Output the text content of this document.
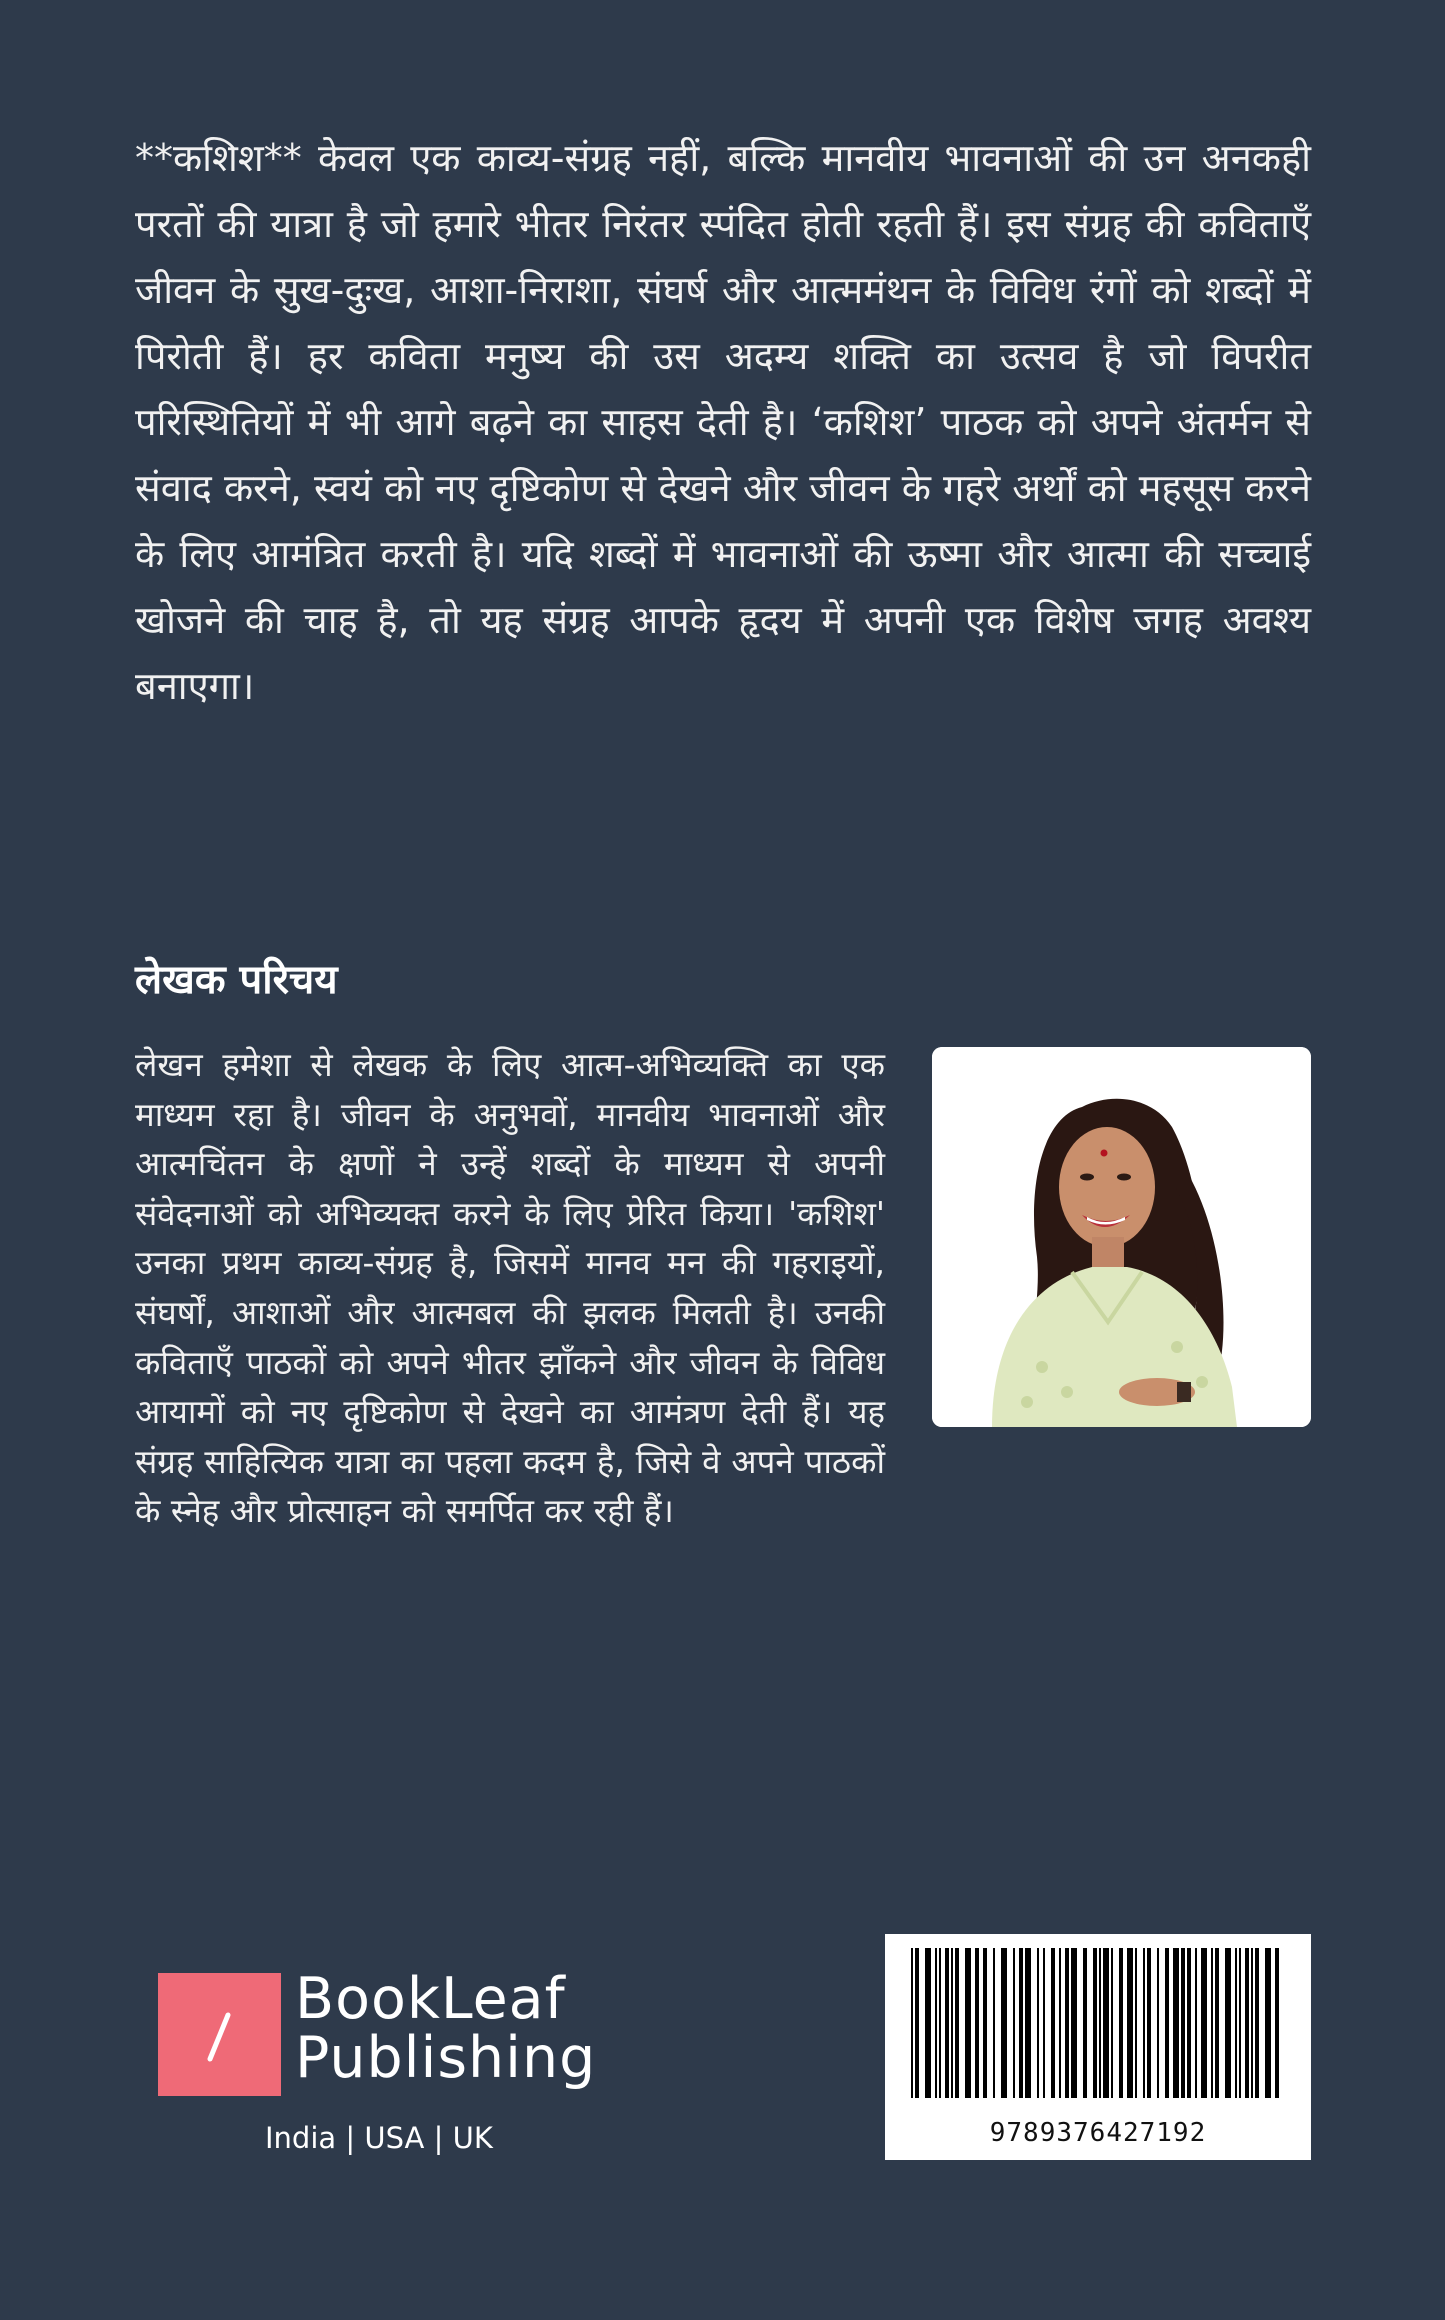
**कशिश** केवल एक काव्य-संग्रह नहीं, बल्कि मानवीय भावनाओं की उन अनकही परतों की यात्रा है जो हमारे भीतर निरंतर स्पंदित होती रहती हैं। इस संग्रह की कविताएँ जीवन के सुख-दुःख, आशा-निराशा, संघर्ष और आत्ममंथन के विविध रंगों को शब्दों में पिरोती हैं। हर कविता मनुष्य की उस अदम्य शक्ति का उत्सव है जो विपरीत परिस्थितियों में भी आगे बढ़ने का साहस देती है। ‘कशिश’ पाठक को अपने अंतर्मन से संवाद करने, स्वयं को नए दृष्टिकोण से देखने और जीवन के गहरे अर्थों को महसूस करने के लिए आमंत्रित करती है। यदि शब्दों में भावनाओं की ऊष्मा और आत्मा की सच्चाई खोजने की चाह है, तो यह संग्रह आपके हृदय में अपनी एक विशेष जगह अवश्य बनाएगा।

लेखक परिचय

लेखन हमेशा से लेखक के लिए आत्म-अभिव्यक्ति का एक माध्यम रहा है। जीवन के अनुभवों, मानवीय भावनाओं और आत्मचिंतन के क्षणों ने उन्हें शब्दों के माध्यम से अपनी संवेदनाओं को अभिव्यक्त करने के लिए प्रेरित किया। 'कशिश' उनका प्रथम काव्य-संग्रह है, जिसमें मानव मन की गहराइयों, संघर्षों, आशाओं और आत्मबल की झलक मिलती है। उनकी कविताएँ पाठकों को अपने भीतर झाँकने और जीवन के विविध आयामों को नए दृष्टिकोण से देखने का आमंत्रण देती हैं। यह संग्रह साहित्यिक यात्रा का पहला कदम है, जिसे वे अपने पाठकों के स्नेह और प्रोत्साहन को समर्पित कर रही हैं।

BookLeaf
Publishing
India | USA | UK	9789376427192
